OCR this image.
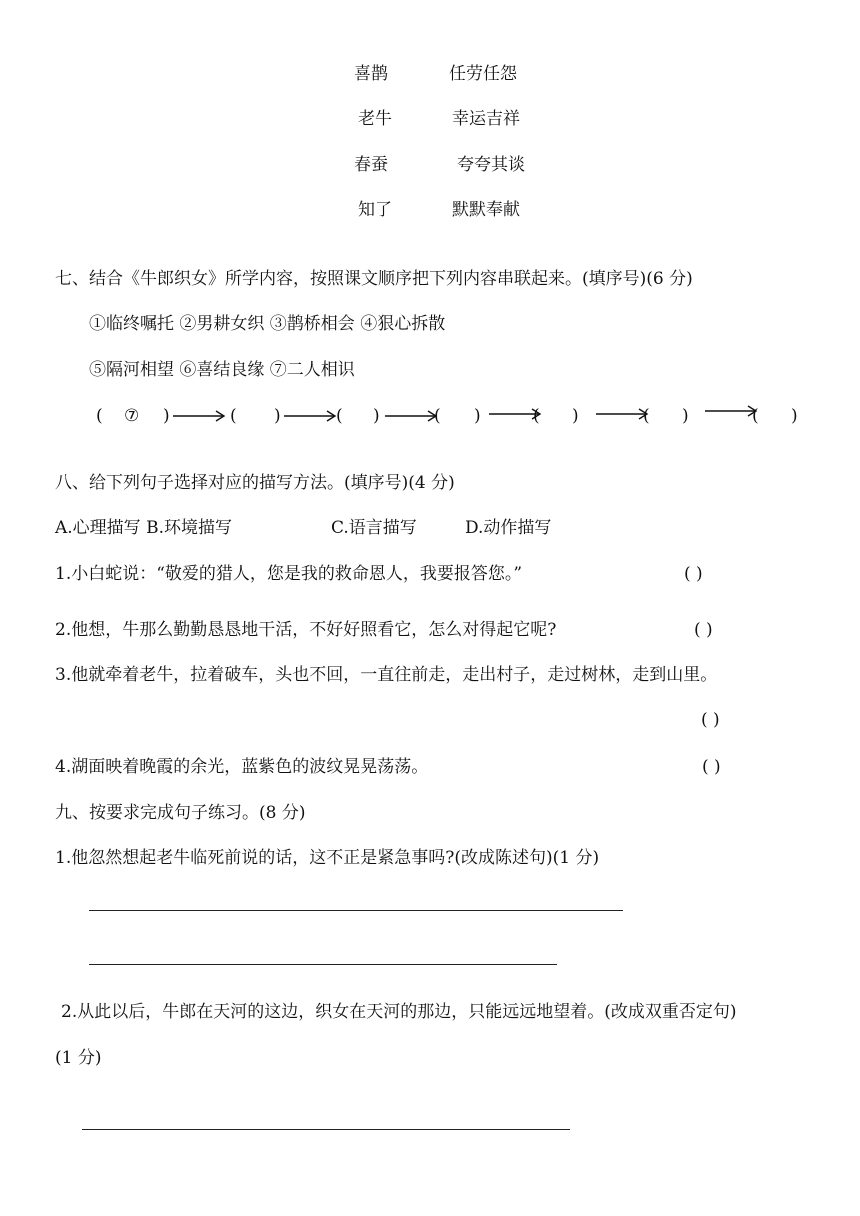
喜鹊	任劳任怨
老牛	幸运吉祥
春蚕	夸夸其谈
知了	默默奉献
七、结合《牛郎织女》所学内容，按照课文顺序把下列内容串联起来。(填序号)(6 分)
①临终嘱托 ②男耕女织 ③鹊桥相会 ④狠心拆散
⑤隔河相望 ⑥喜结良缘 ⑦二人相识
( ⑦ )	( )	( )	( )	( )	( )	( )
八、给下列句子选择对应的描写方法。(填序号)(4 分)
A.心理描写 B.环境描写	C.语言描写	D.动作描写
1.小白蛇说：“敬爱的猎人，您是我的救命恩人，我要报答您。”	( )
2.他想，牛那么勤勤恳恳地干活，不好好照看它，怎么对得起它呢?	( )
3.他就牵着老牛，拉着破车，头也不回，一直往前走，走出村子，走过树林，走到山里。
( )
4.湖面映着晚霞的余光，蓝紫色的波纹晃晃荡荡。	( )
九、按要求完成句子练习。(8 分)
1.他忽然想起老牛临死前说的话，这不正是紧急事吗?(改成陈述句)(1 分)
2.从此以后，牛郎在天河的这边，织女在天河的那边，只能远远地望着。(改成双重否定句)
(1 分)
